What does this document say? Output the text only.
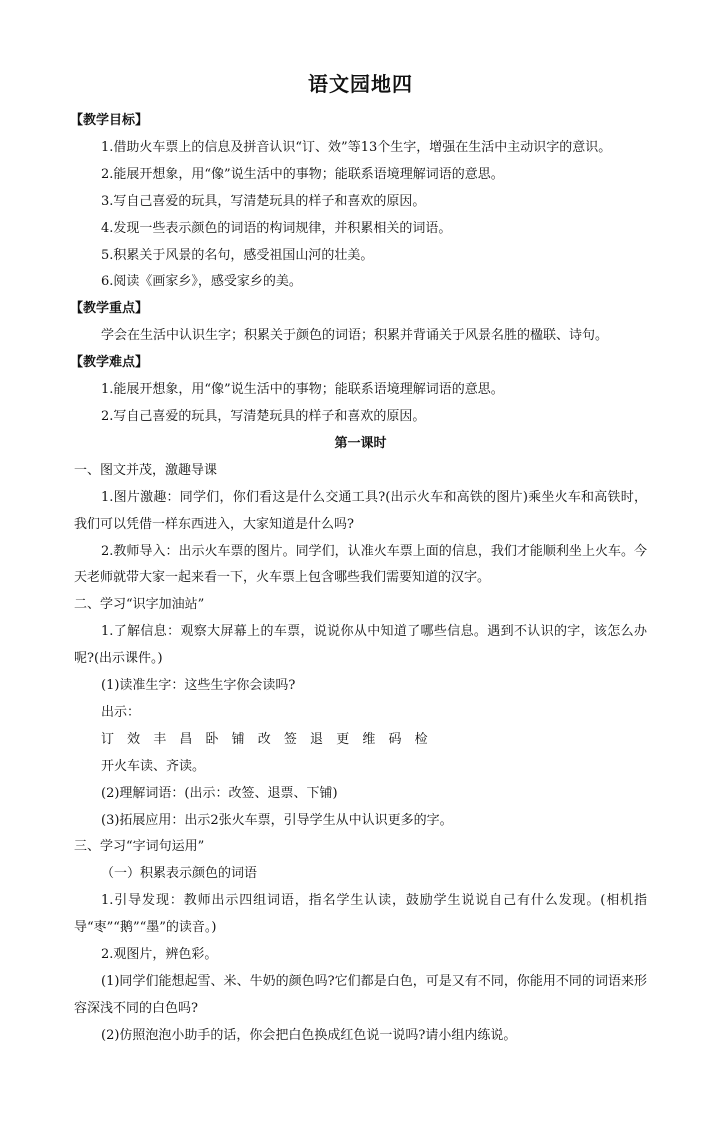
语文园地四
【教学目标】
1.借助火车票上的信息及拼音认识“订、效”等13个生字，增强在生活中主动识字的意识。
2.能展开想象，用“像”说生活中的事物；能联系语境理解词语的意思。
3.写自己喜爱的玩具，写清楚玩具的样子和喜欢的原因。
4.发现一些表示颜色的词语的构词规律，并积累相关的词语。
5.积累关于风景的名句，感受祖国山河的壮美。
6.阅读《画家乡》，感受家乡的美。
【教学重点】
学会在生活中认识生字；积累关于颜色的词语；积累并背诵关于风景名胜的楹联、诗句。
【教学难点】
1.能展开想象，用“像”说生活中的事物；能联系语境理解词语的意思。
2.写自己喜爱的玩具，写清楚玩具的样子和喜欢的原因。
第一课时
一、图文并茂，激趣导课
1.图片激趣：同学们，你们看这是什么交通工具?(出示火车和高铁的图片)乘坐火车和高铁时，我们可以凭借一样东西进入，大家知道是什么吗?
2.教师导入：出示火车票的图片。同学们，认准火车票上面的信息，我们才能顺利坐上火车。今天老师就带大家一起来看一下，火车票上包含哪些我们需要知道的汉字。
二、学习“识字加油站”
1.了解信息：观察大屏幕上的车票，说说你从中知道了哪些信息。遇到不认识的字，该怎么办呢?(出示课件。)
(1)读准生字：这些生字你会读吗?
出示：
订 效 丰 昌 卧 铺 改 签 退 更 维 码 检
开火车读、齐读。
(2)理解词语：(出示：改签、退票、下铺)
(3)拓展应用：出示2张火车票，引导学生从中认识更多的字。
三、学习“字词句运用”
（一）积累表示颜色的词语
1.引导发现：教师出示四组词语，指名学生认读，鼓励学生说说自己有什么发现。(相机指导“枣”“鹅”“墨”的读音。)
2.观图片，辨色彩。
(1)同学们能想起雪、米、牛奶的颜色吗?它们都是白色，可是又有不同，你能用不同的词语来形容深浅不同的白色吗?
(2)仿照泡泡小助手的话，你会把白色换成红色说一说吗?请小组内练说。
